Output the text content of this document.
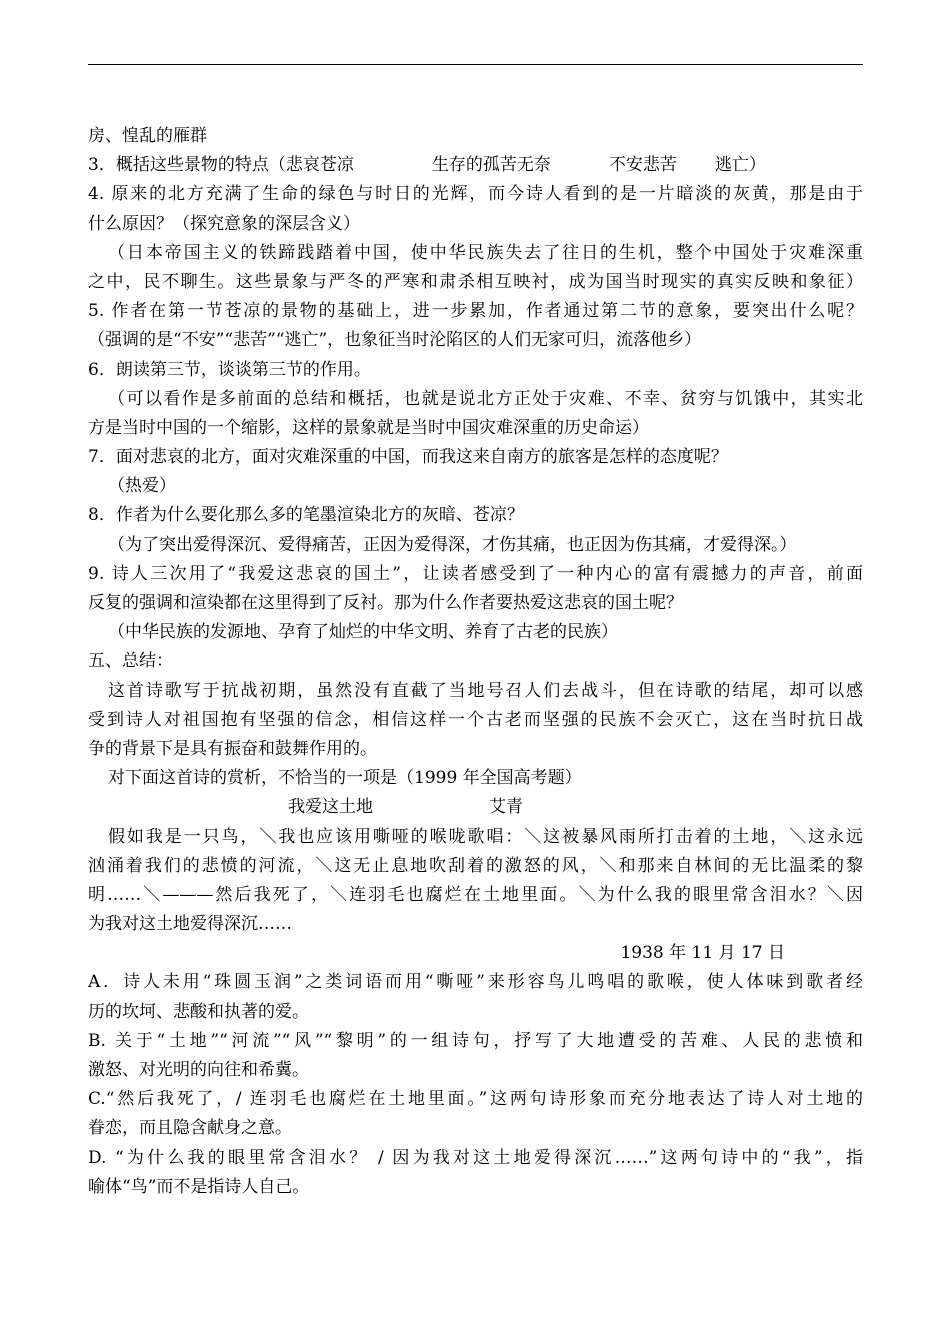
房、惶乱的雁群
3．概括这些景物的特点（悲哀苍凉	生存的孤苦无奈	不安悲苦 逃亡）
4. 原来的北方充满了生命的绿色与时日的光辉，而今诗人看到的是一片暗淡的灰黄，那是由于
什么原因？（探究意象的深层含义）
（日本帝国主义的铁蹄践踏着中国，使中华民族失去了往日的生机，整个中国处于灾难深重
之中，民不聊生。这些景象与严冬的严寒和肃杀相互映衬，成为国当时现实的真实反映和象征）
5. 作者在第一节苍凉的景物的基础上，进一步累加，作者通过第二节的意象，要突出什么呢？
（强调的是“不安”“悲苦”“逃亡”，也象征当时沦陷区的人们无家可归，流落他乡）
6．朗读第三节，谈谈第三节的作用。
（可以看作是多前面的总结和概括，也就是说北方正处于灾难、不幸、贫穷与饥饿中，其实北
方是当时中国的一个缩影，这样的景象就是当时中国灾难深重的历史命运）
7．面对悲哀的北方，面对灾难深重的中国，而我这来自南方的旅客是怎样的态度呢？
（热爱）
8．作者为什么要化那么多的笔墨渲染北方的灰暗、苍凉？
（为了突出爱得深沉、爱得痛苦，正因为爱得深，才伤其痛，也正因为伤其痛，才爱得深。）
9. 诗人三次用了“我爱这悲哀的国土”，让读者感受到了一种内心的富有震撼力的声音，前面
反复的强调和渲染都在这里得到了反衬。那为什么作者要热爱这悲哀的国土呢？
（中华民族的发源地、孕育了灿烂的中华文明、养育了古老的民族）
五、总结：
这首诗歌写于抗战初期，虽然没有直截了当地号召人们去战斗，但在诗歌的结尾，却可以感
受到诗人对祖国抱有坚强的信念，相信这样一个古老而坚强的民族不会灭亡，这在当时抗日战
争的背景下是具有振奋和鼓舞作用的。
对下面这首诗的赏析，不恰当的一项是（1999 年全国高考题）
我爱这土地	艾青
假如我是一只鸟，＼我也应该用嘶哑的喉咙歌唱：＼这被暴风雨所打击着的土地，＼这永远
汹涌着我们的悲愤的河流，＼这无止息地吹刮着的激怒的风，＼和那来自林间的无比温柔的黎
明……＼———然后我死了，＼连羽毛也腐烂在土地里面。＼为什么我的眼里常含泪水？＼因
为我对这土地爱得深沉……
1938 年 11 月 17 日
A．诗人未用“珠圆玉润”之类词语而用“嘶哑”来形容鸟儿鸣唱的歌喉，使人体味到歌者经
历的坎坷、悲酸和执著的爱。
B. 关于“土地”“河流”“风”“黎明”的一组诗句，抒写了大地遭受的苦难、人民的悲愤和
激怒、对光明的向往和希冀。
C.“然后我死了，/ 连羽毛也腐烂在土地里面。”这两句诗形象而充分地表达了诗人对土地的
眷恋，而且隐含献身之意。
D. “为什么我的眼里常含泪水？ / 因为我对这土地爱得深沉……”这两句诗中的“我”，指
喻体“鸟”而不是指诗人自己。
